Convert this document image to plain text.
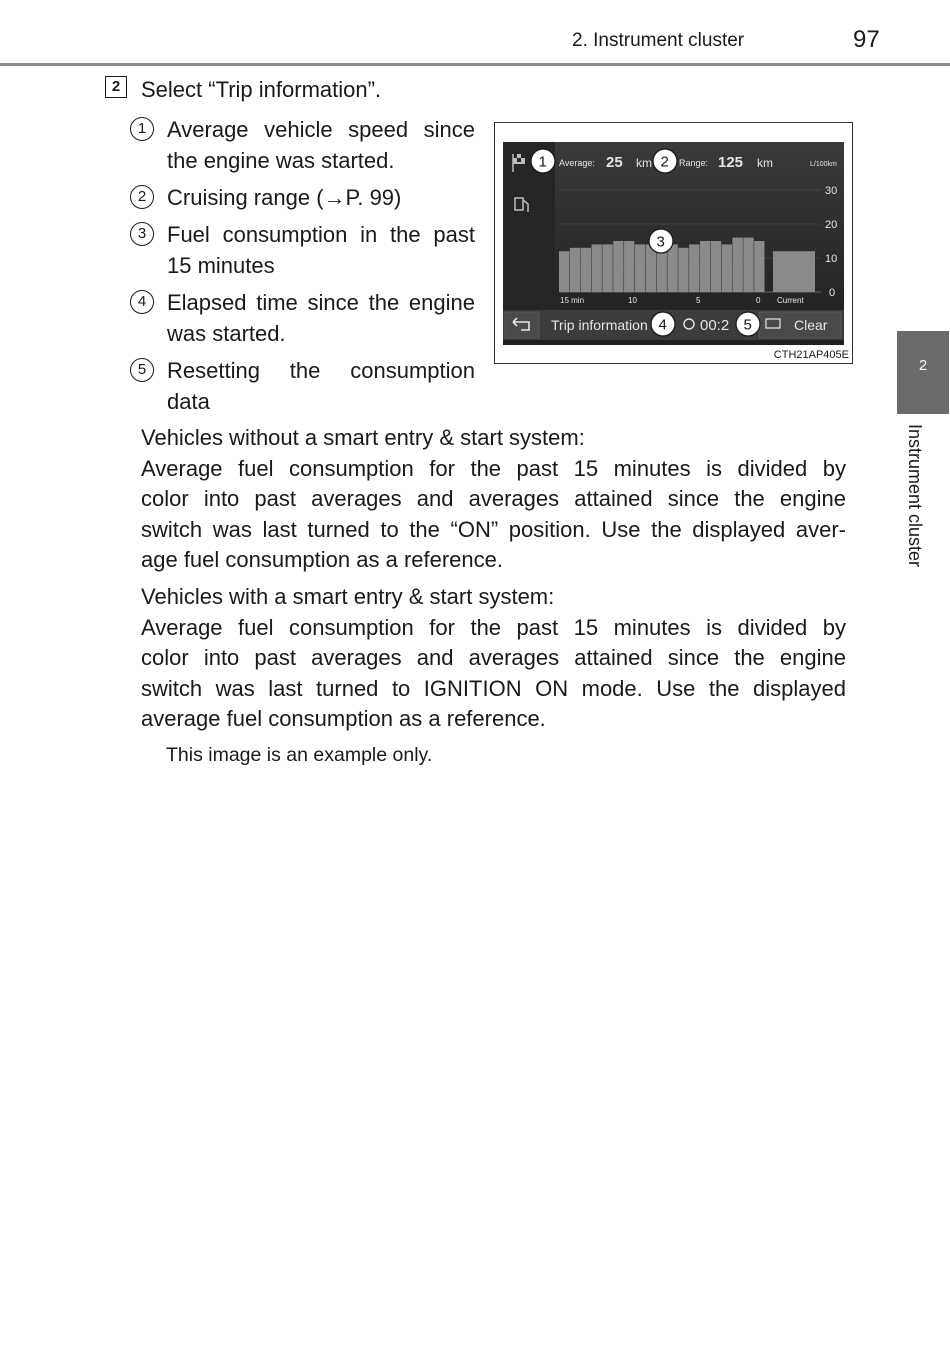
2. Instrument cluster	97
2 Select “Trip information”.
1 Average vehicle speed since the engine was started.
2 Cruising range (→P. 99)
3 Fuel consumption in the past 15 minutes
4 Elapsed time since the engine was started.
5 Resetting the consumption data
Average: 25 km	Range: 125 km	L/100km
30
20
10
0
15 min	10	5	0 Current
Trip information	00:2	Clear
1	2
3
4	5
CTH21AP405E
Vehicles without a smart entry & start system:
Average fuel consumption for the past 15 minutes is divided by
color into past averages and averages attained since the engine
switch was last turned to the “ON” position. Use the displayed aver-
age fuel consumption as a reference.
Vehicles with a smart entry & start system:
Average fuel consumption for the past 15 minutes is divided by
color into past averages and averages attained since the engine
switch was last turned to IGNITION ON mode. Use the displayed
average fuel consumption as a reference.
This image is an example only.
2
Instrument cluster
